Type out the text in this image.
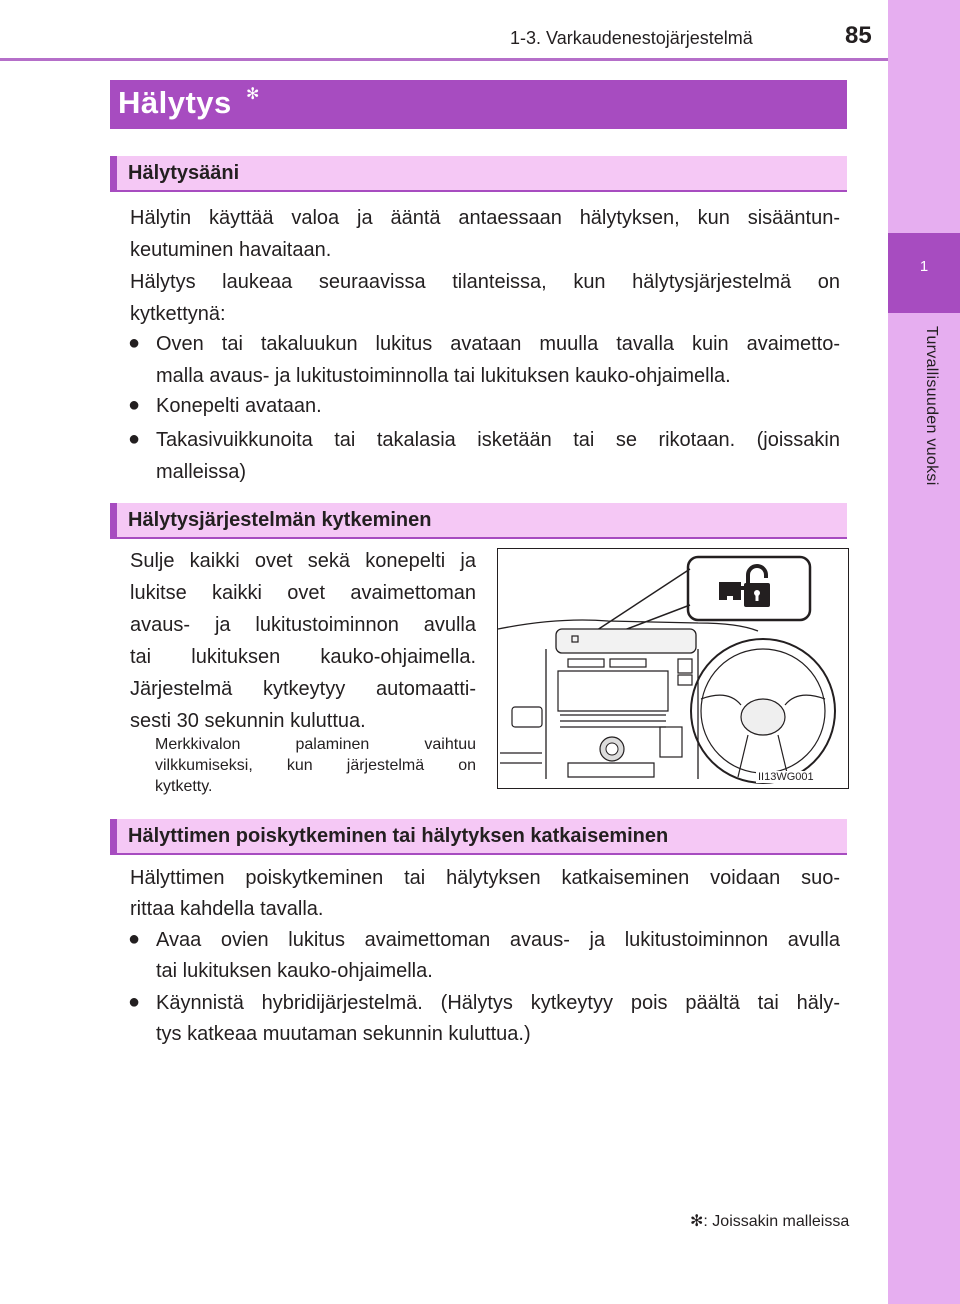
1
Turvallisuuden vuoksi
1-3. Varkaudenestojärjestelmä	85
Hälytys ✻
Hälytysääni
Hälytin käyttää valoa ja ääntä antaessaan hälytyksen, kun sisääntun-
keutuminen havaitaan.
Hälytys laukeaa seuraavissa tilanteissa, kun hälytysjärjestelmä on
kytkettynä:
● Oven tai takaluukun lukitus avataan muulla tavalla kuin avaimetto-
malla avaus- ja lukitustoiminnolla tai lukituksen kauko-ohjaimella.
● Konepelti avataan.
● Takasivuikkunoita tai takalasia isketään tai se rikotaan. (joissakin
malleissa)
Hälytysjärjestelmän kytkeminen
Sulje kaikki ovet sekä konepelti ja
lukitse kaikki ovet avaimettoman
avaus- ja lukitustoiminnon avulla
tai lukituksen kauko-ohjaimella.
Järjestelmä kytkeytyy automaatti-
sesti 30 sekunnin kuluttua.
Merkkivalon palaminen vaihtuu
vilkkumiseksi, kun järjestelmä on
kytketty.
II13WG001
Hälyttimen poiskytkeminen tai hälytyksen katkaiseminen
Hälyttimen poiskytkeminen tai hälytyksen katkaiseminen voidaan suo-
rittaa kahdella tavalla.
● Avaa ovien lukitus avaimettoman avaus- ja lukitustoiminnon avulla
tai lukituksen kauko-ohjaimella.
● Käynnistä hybridijärjestelmä. (Hälytys kytkeytyy pois päältä tai häly-
tys katkeaa muutaman sekunnin kuluttua.)
✻: Joissakin malleissa
